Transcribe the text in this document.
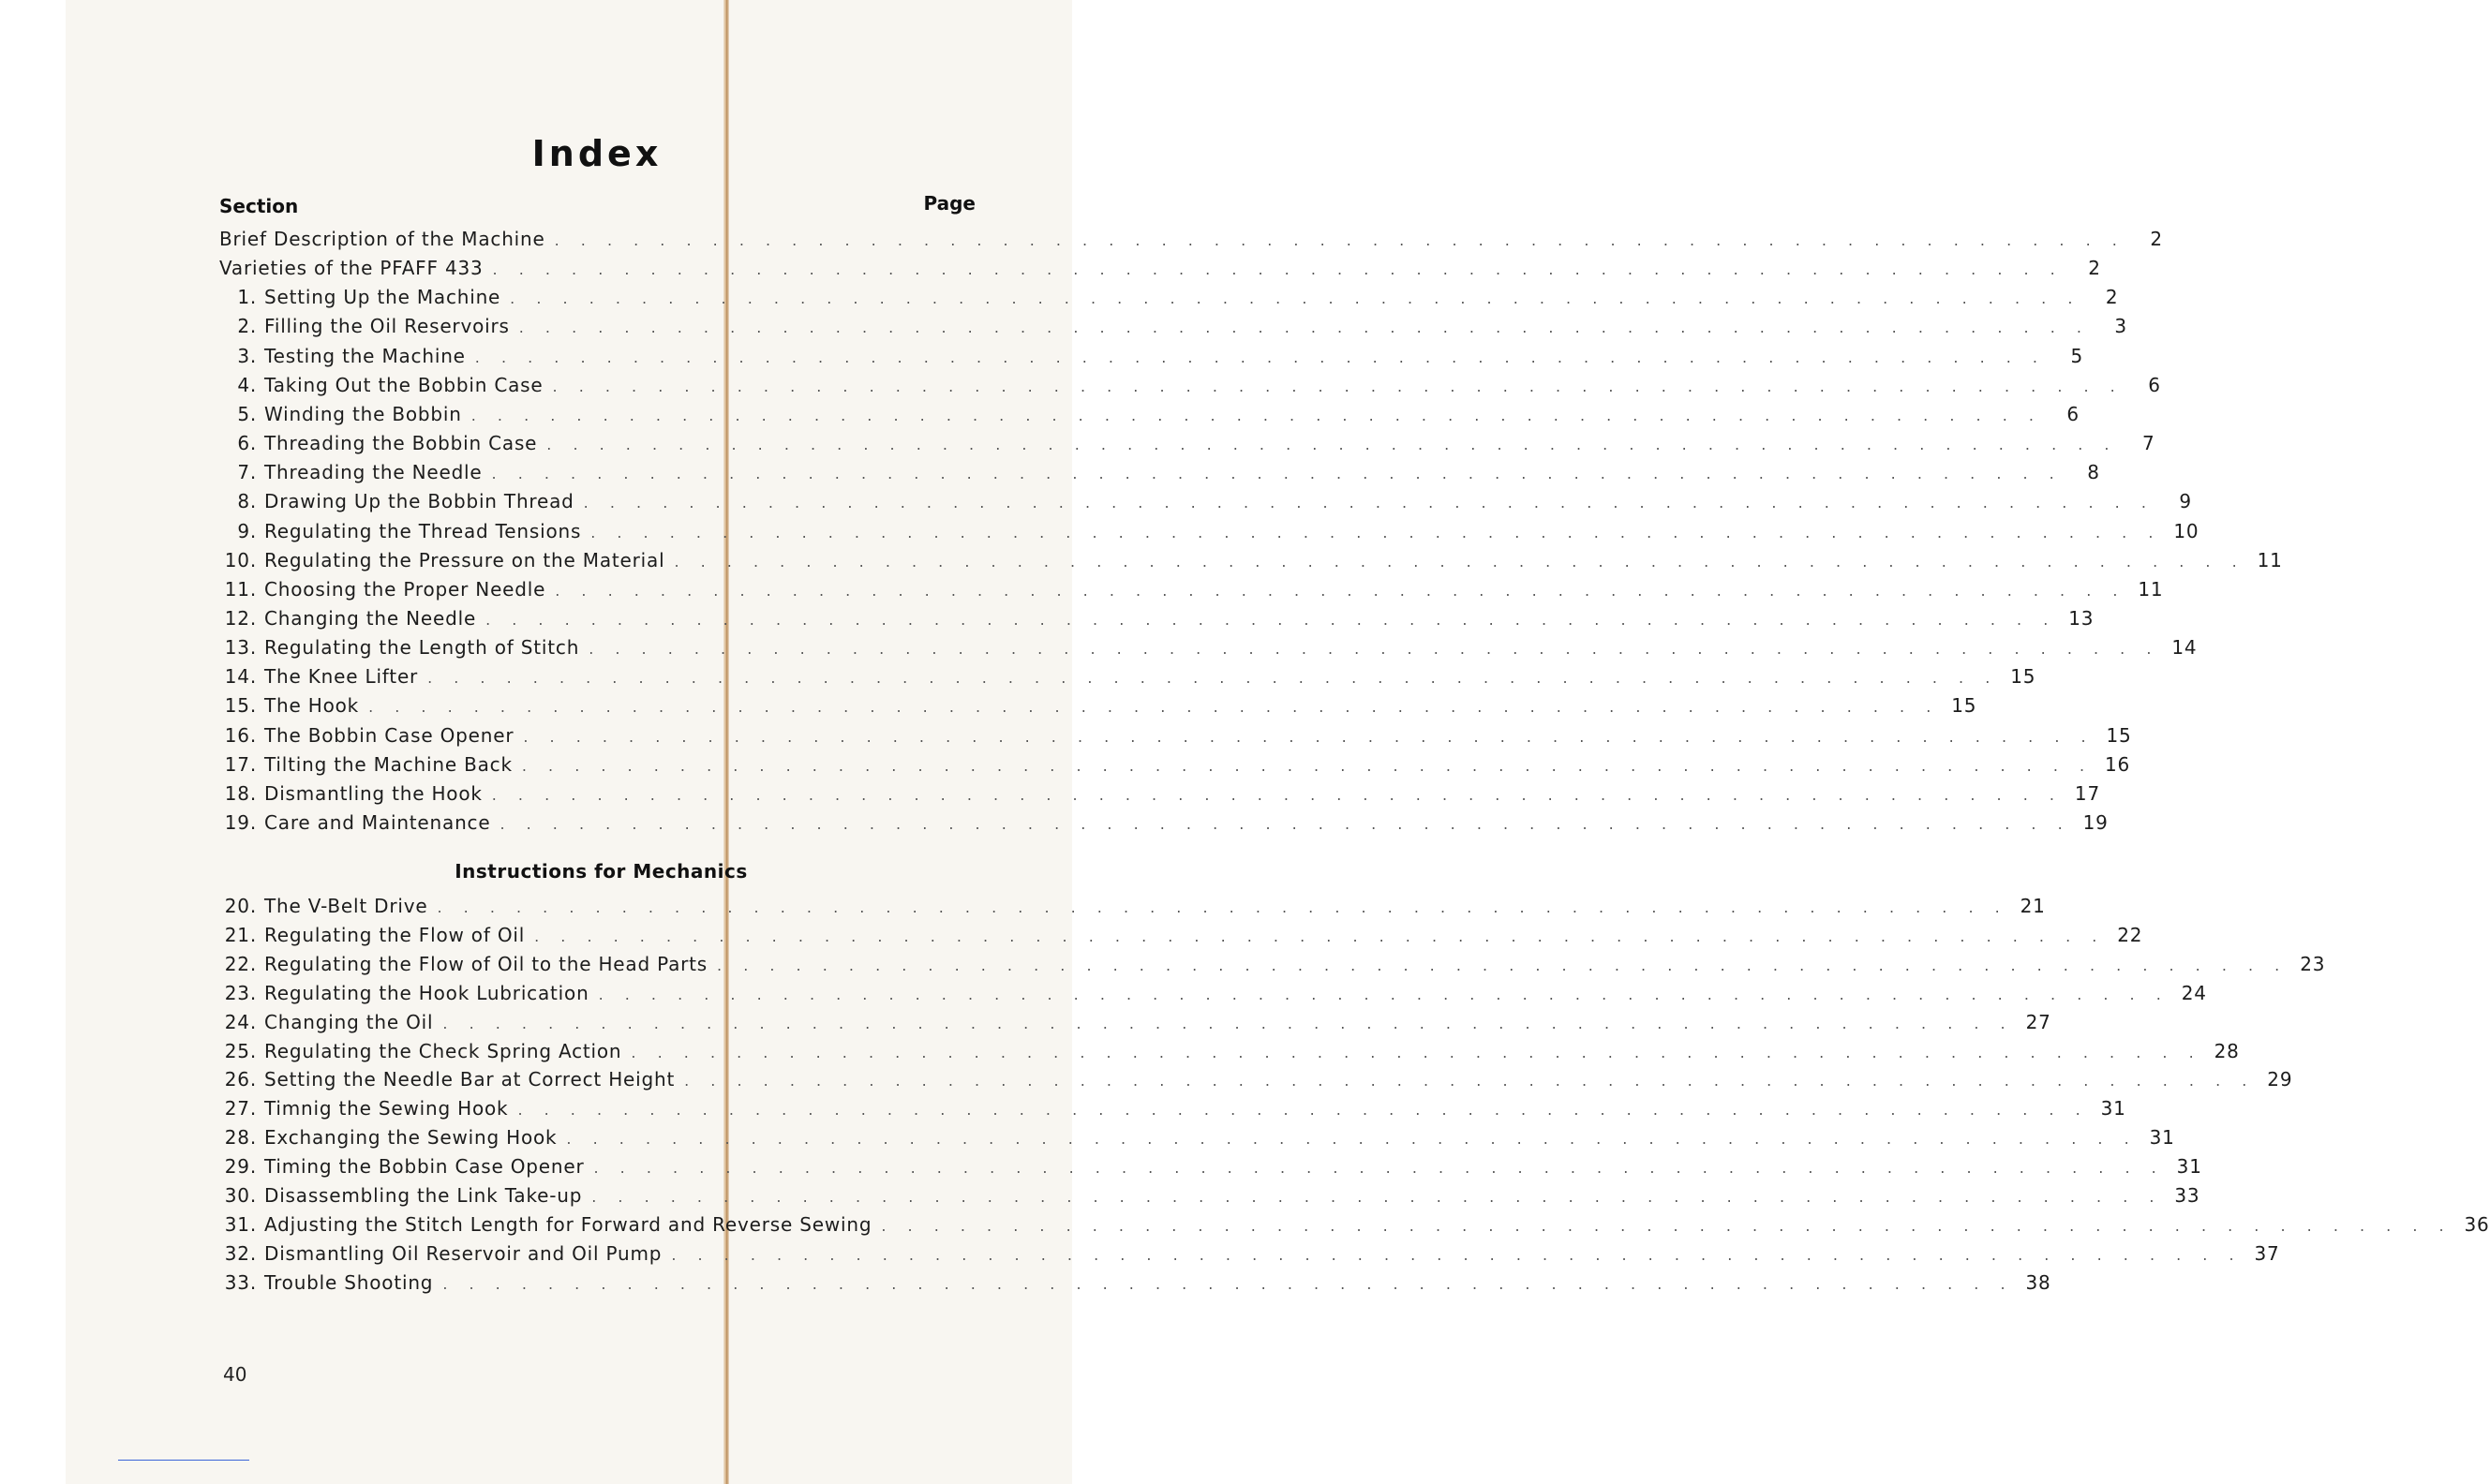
Index
Section	Page
Brief Description of the Machine . . . . . . . . . . . . . . . . . . . . . . . . . . . . . . . . . . . . . . . . . . . . . . . . . . . . . . . . . . . .	2
Varieties of the PFAFF 433 . . . . . . . . . . . . . . . . . . . . . . . . . . . . . . . . . . . . . . . . . . . . . . . . . . . . . . . . . . . .	2
1. Setting Up the Machine . . . . . . . . . . . . . . . . . . . . . . . . . . . . . . . . . . . . . . . . . . . . . . . . . . . . . . . . . . . .	2
2. Filling the Oil Reservoirs . . . . . . . . . . . . . . . . . . . . . . . . . . . . . . . . . . . . . . . . . . . . . . . . . . . . . . . . . . . .	3
3. Testing the Machine . . . . . . . . . . . . . . . . . . . . . . . . . . . . . . . . . . . . . . . . . . . . . . . . . . . . . . . . . . . .	5
4. Taking Out the Bobbin Case . . . . . . . . . . . . . . . . . . . . . . . . . . . . . . . . . . . . . . . . . . . . . . . . . . . . . . . . . . . .	6
5. Winding the Bobbin . . . . . . . . . . . . . . . . . . . . . . . . . . . . . . . . . . . . . . . . . . . . . . . . . . . . . . . . . . . .	6
6. Threading the Bobbin Case . . . . . . . . . . . . . . . . . . . . . . . . . . . . . . . . . . . . . . . . . . . . . . . . . . . . . . . . . . . .	7
7. Threading the Needle . . . . . . . . . . . . . . . . . . . . . . . . . . . . . . . . . . . . . . . . . . . . . . . . . . . . . . . . . . . .	8
8. Drawing Up the Bobbin Thread . . . . . . . . . . . . . . . . . . . . . . . . . . . . . . . . . . . . . . . . . . . . . . . . . . . . . . . . . . . .	9
9. Regulating the Thread Tensions . . . . . . . . . . . . . . . . . . . . . . . . . . . . . . . . . . . . . . . . . . . . . . . . . . . . . . . . . . . . 10
10. Regulating the Pressure on the Material . . . . . . . . . . . . . . . . . . . . . . . . . . . . . . . . . . . . . . . . . . . . . . . . . . . . . . . . . . . . 11
11. Choosing the Proper Needle . . . . . . . . . . . . . . . . . . . . . . . . . . . . . . . . . . . . . . . . . . . . . . . . . . . . . . . . . . . . 11
12. Changing the Needle . . . . . . . . . . . . . . . . . . . . . . . . . . . . . . . . . . . . . . . . . . . . . . . . . . . . . . . . . . . . 13
13. Regulating the Length of Stitch . . . . . . . . . . . . . . . . . . . . . . . . . . . . . . . . . . . . . . . . . . . . . . . . . . . . . . . . . . . . 14
14. The Knee Lifter . . . . . . . . . . . . . . . . . . . . . . . . . . . . . . . . . . . . . . . . . . . . . . . . . . . . . . . . . . . . 15
15. The Hook . . . . . . . . . . . . . . . . . . . . . . . . . . . . . . . . . . . . . . . . . . . . . . . . . . . . . . . . . . . . 15
16. The Bobbin Case Opener . . . . . . . . . . . . . . . . . . . . . . . . . . . . . . . . . . . . . . . . . . . . . . . . . . . . . . . . . . . . 15
17. Tilting the Machine Back . . . . . . . . . . . . . . . . . . . . . . . . . . . . . . . . . . . . . . . . . . . . . . . . . . . . . . . . . . . . 16
18. Dismantling the Hook . . . . . . . . . . . . . . . . . . . . . . . . . . . . . . . . . . . . . . . . . . . . . . . . . . . . . . . . . . . . 17
19. Care and Maintenance . . . . . . . . . . . . . . . . . . . . . . . . . . . . . . . . . . . . . . . . . . . . . . . . . . . . . . . . . . . . 19
Instructions for Mechanics
20. The V-Belt Drive . . . . . . . . . . . . . . . . . . . . . . . . . . . . . . . . . . . . . . . . . . . . . . . . . . . . . . . . . . . . 21
21. Regulating the Flow of Oil . . . . . . . . . . . . . . . . . . . . . . . . . . . . . . . . . . . . . . . . . . . . . . . . . . . . . . . . . . . . 22
22. Regulating the Flow of Oil to the Head Parts . . . . . . . . . . . . . . . . . . . . . . . . . . . . . . . . . . . . . . . . . . . . . . . . . . . . . . . . . . . . 23
23. Regulating the Hook Lubrication . . . . . . . . . . . . . . . . . . . . . . . . . . . . . . . . . . . . . . . . . . . . . . . . . . . . . . . . . . . . 24
24. Changing the Oil . . . . . . . . . . . . . . . . . . . . . . . . . . . . . . . . . . . . . . . . . . . . . . . . . . . . . . . . . . . . 27
25. Regulating the Check Spring Action . . . . . . . . . . . . . . . . . . . . . . . . . . . . . . . . . . . . . . . . . . . . . . . . . . . . . . . . . . . . 28
26. Setting the Needle Bar at Correct Height . . . . . . . . . . . . . . . . . . . . . . . . . . . . . . . . . . . . . . . . . . . . . . . . . . . . . . . . . . . . 29
27. Timnig the Sewing Hook . . . . . . . . . . . . . . . . . . . . . . . . . . . . . . . . . . . . . . . . . . . . . . . . . . . . . . . . . . . . 31
28. Exchanging the Sewing Hook . . . . . . . . . . . . . . . . . . . . . . . . . . . . . . . . . . . . . . . . . . . . . . . . . . . . . . . . . . . . 31
29. Timing the Bobbin Case Opener . . . . . . . . . . . . . . . . . . . . . . . . . . . . . . . . . . . . . . . . . . . . . . . . . . . . . . . . . . . . 31
30. Disassembling the Link Take-up . . . . . . . . . . . . . . . . . . . . . . . . . . . . . . . . . . . . . . . . . . . . . . . . . . . . . . . . . . . . 33
31. Adjusting the Stitch Length for Forward and Reverse Sewing . . . . . . . . . . . . . . . . . . . . . . . . . . . . . . . . . . . . . . . . . . . . . . . . . . . . . . . . . . . . 36
32. Dismantling Oil Reservoir and Oil Pump . . . . . . . . . . . . . . . . . . . . . . . . . . . . . . . . . . . . . . . . . . . . . . . . . . . . . . . . . . . . 37
33. Trouble Shooting . . . . . . . . . . . . . . . . . . . . . . . . . . . . . . . . . . . . . . . . . . . . . . . . . . . . . . . . . . . . 38
40
